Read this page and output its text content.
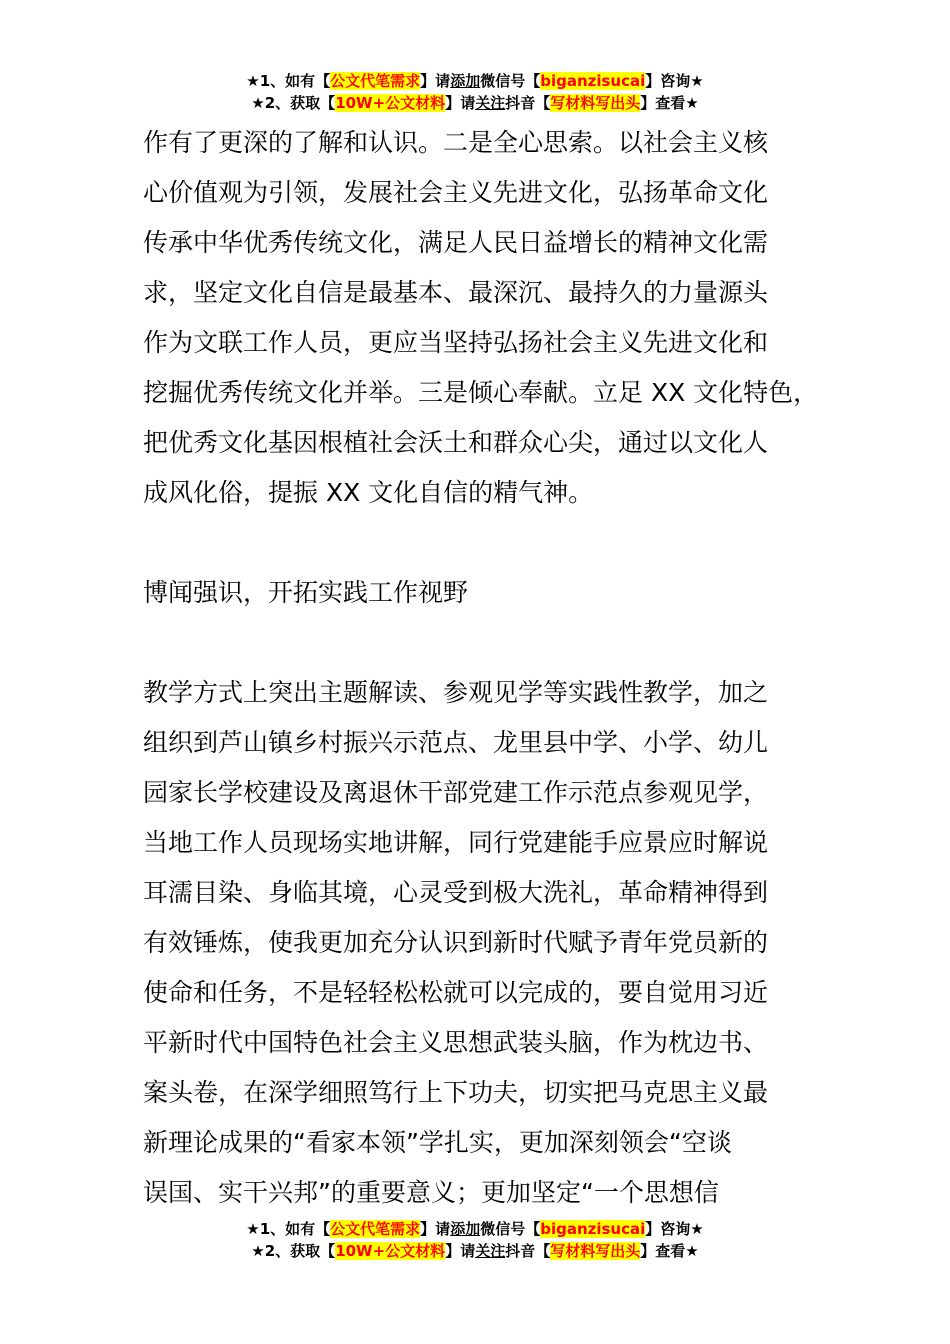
★1、如有【公文代笔需求】请添加微信号【biganzisucai】咨询★
★2、获取【10W+公文材料】请关注抖音【写材料写出头】查看★
作有了更深的了解和认识。二是全心思索。以社会主义核
心价值观为引领，发展社会主义先进文化，弘扬革命文化
传承中华优秀传统文化，满足人民日益增长的精神文化需
求，坚定文化自信是最基本、最深沉、最持久的力量源头
作为文联工作人员，更应当坚持弘扬社会主义先进文化和
挖掘优秀传统文化并举。三是倾心奉献。立足 XX 文化特色，
把优秀文化基因根植社会沃土和群众心尖，通过以文化人
成风化俗，提振 XX 文化自信的精气神。
博闻强识，开拓实践工作视野
教学方式上突出主题解读、参观见学等实践性教学，加之
组织到芦山镇乡村振兴示范点、龙里县中学、小学、幼儿
园家长学校建设及离退休干部党建工作示范点参观见学，
当地工作人员现场实地讲解，同行党建能手应景应时解说
耳濡目染、身临其境，心灵受到极大洗礼，革命精神得到
有效锤炼，使我更加充分认识到新时代赋予青年党员新的
使命和任务，不是轻轻松松就可以完成的，要自觉用习近
平新时代中国特色社会主义思想武装头脑，作为枕边书、
案头卷，在深学细照笃行上下功夫，切实把马克思主义最
新理论成果的“看家本领”学扎实，更加深刻领会“空谈
误国、实干兴邦”的重要意义；更加坚定“一个思想信
★1、如有【公文代笔需求】请添加微信号【biganzisucai】咨询★
★2、获取【10W+公文材料】请关注抖音【写材料写出头】查看★
